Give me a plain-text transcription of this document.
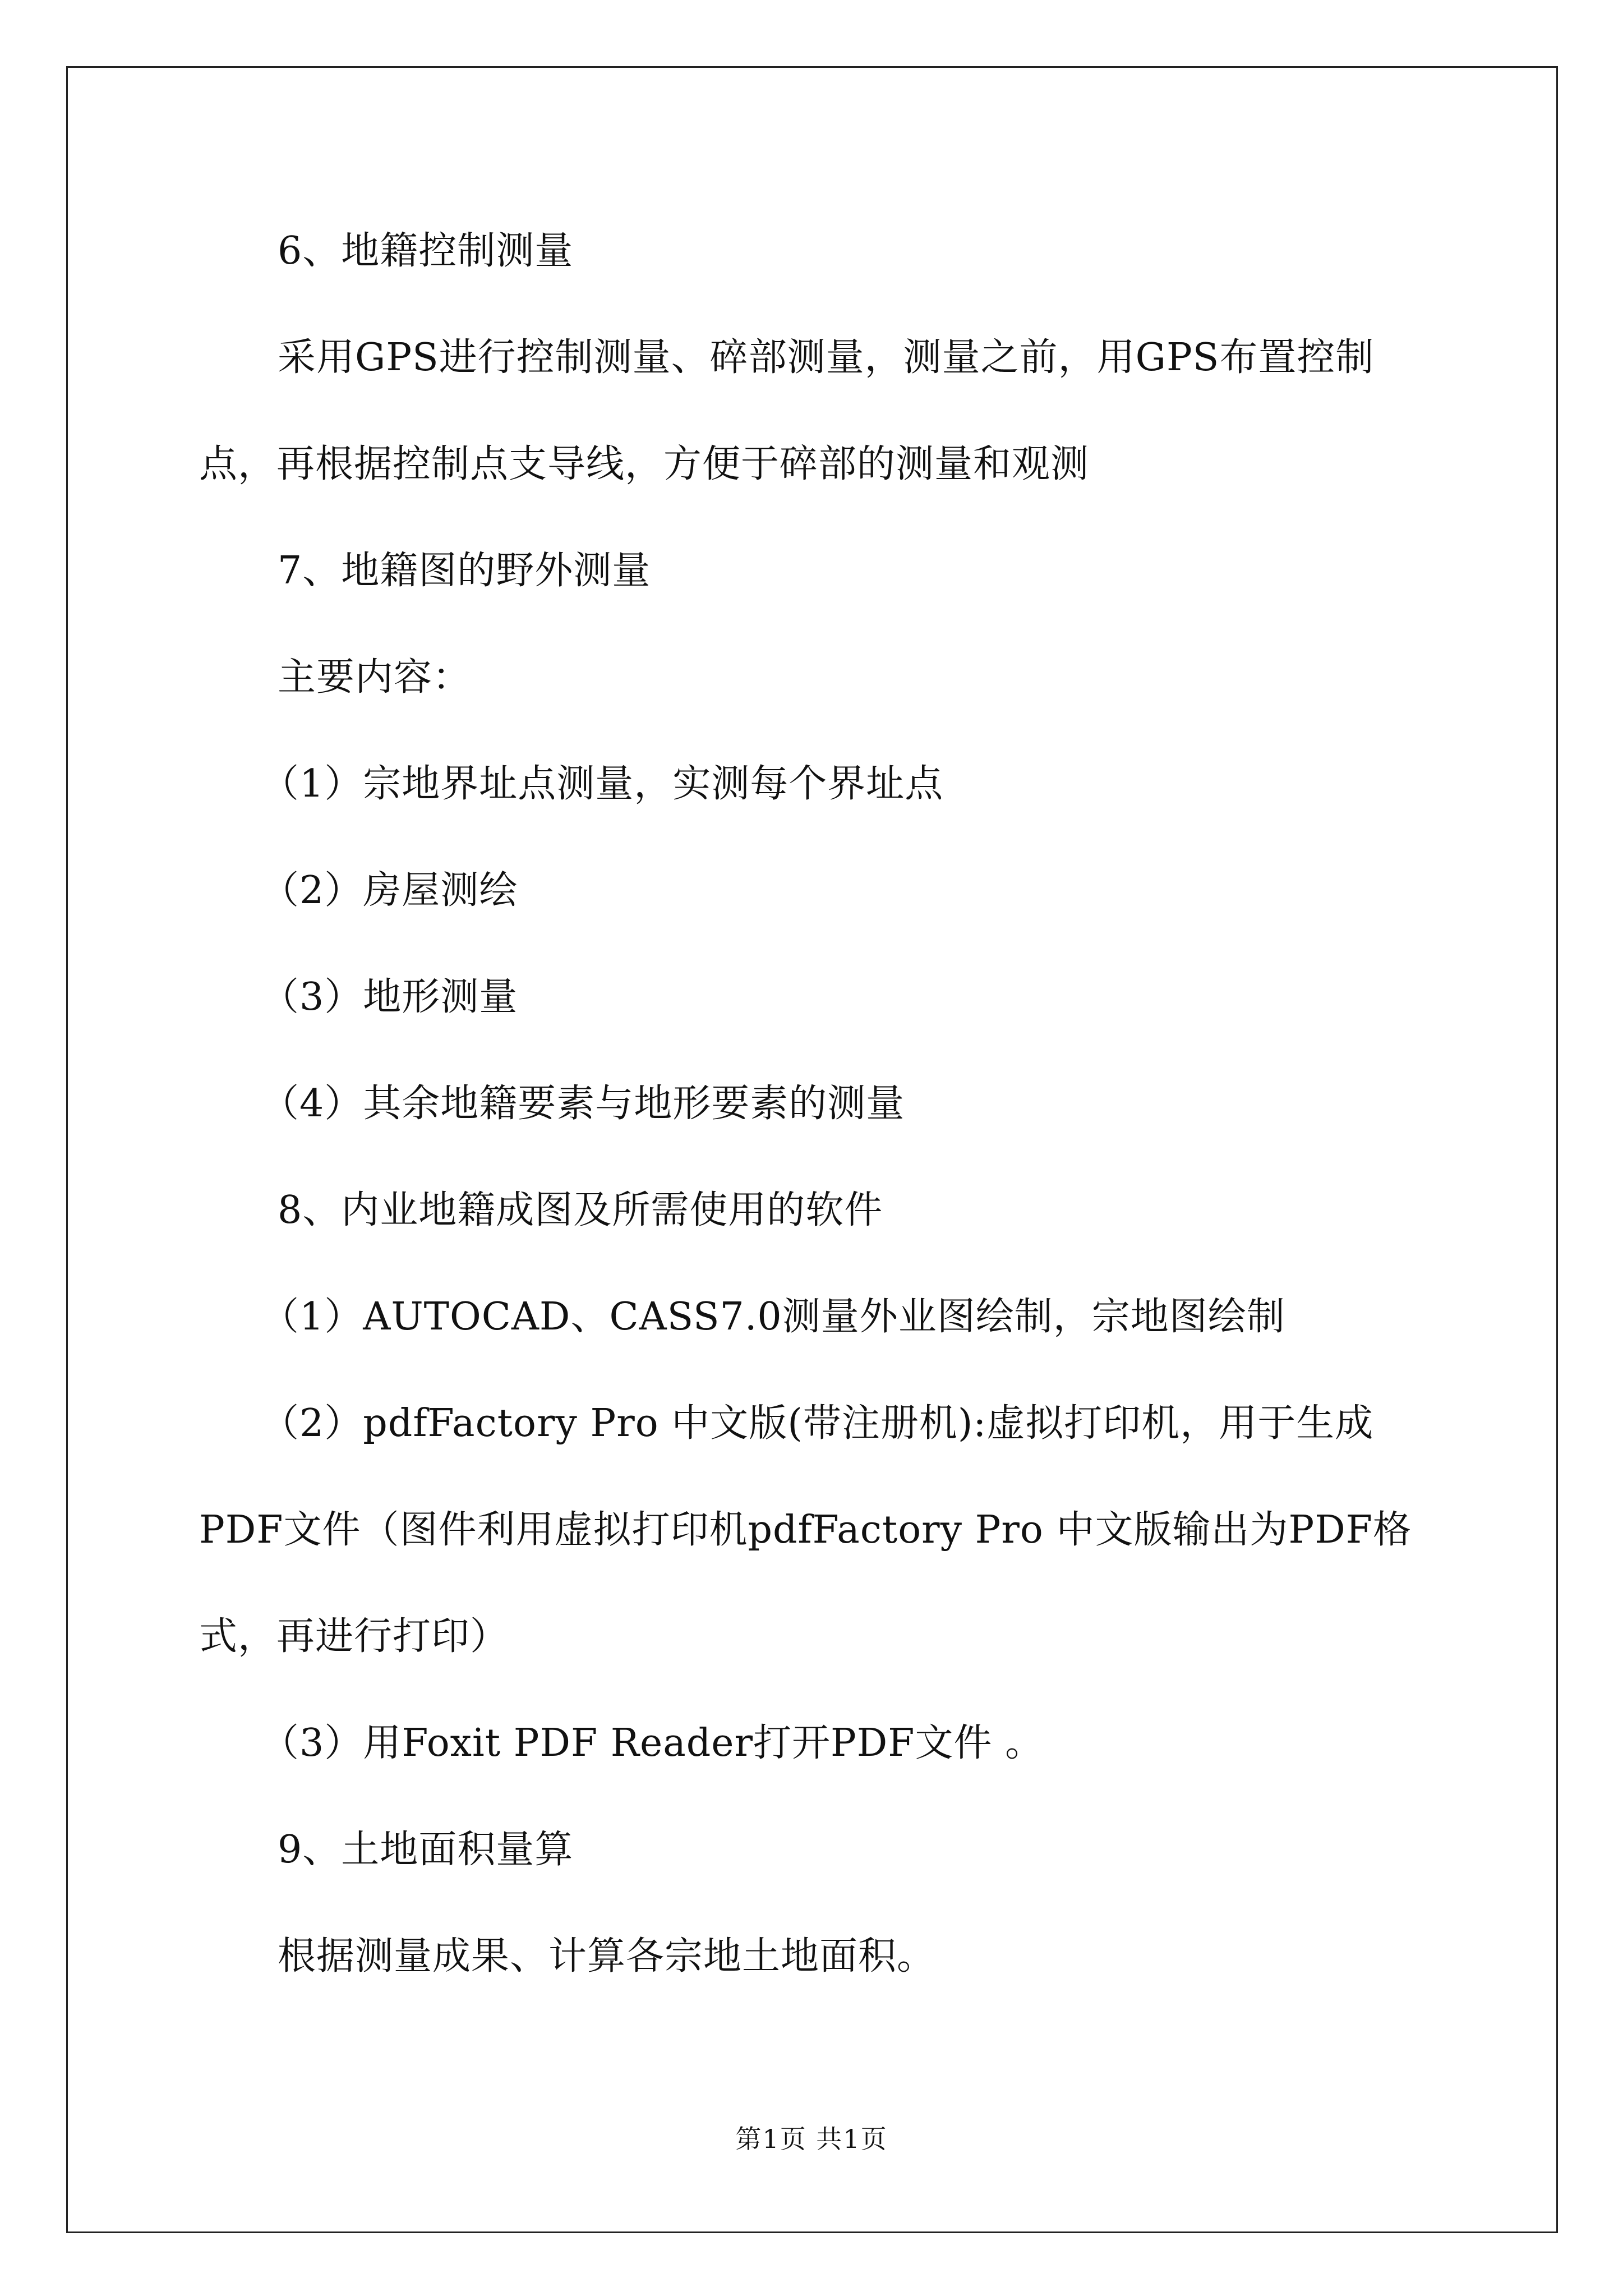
6、地籍控制测量
采用GPS进行控制测量、碎部测量，测量之前，用GPS布置控制
点，再根据控制点支导线，方便于碎部的测量和观测
7、地籍图的野外测量
主要内容：
（1）宗地界址点测量，实测每个界址点
（2）房屋测绘
（3）地形测量
（4）其余地籍要素与地形要素的测量
8、内业地籍成图及所需使用的软件
（1）AUTOCAD、CASS7.0测量外业图绘制，宗地图绘制
（2）pdfFactory Pro 中文版(带注册机):虚拟打印机，用于生成
PDF文件（图件利用虚拟打印机pdfFactory Pro 中文版输出为PDF格
式，再进行打印）
（3）用Foxit PDF Reader打开PDF文件 。
9、土地面积量算
根据测量成果、计算各宗地土地面积。
第1页 共1页
